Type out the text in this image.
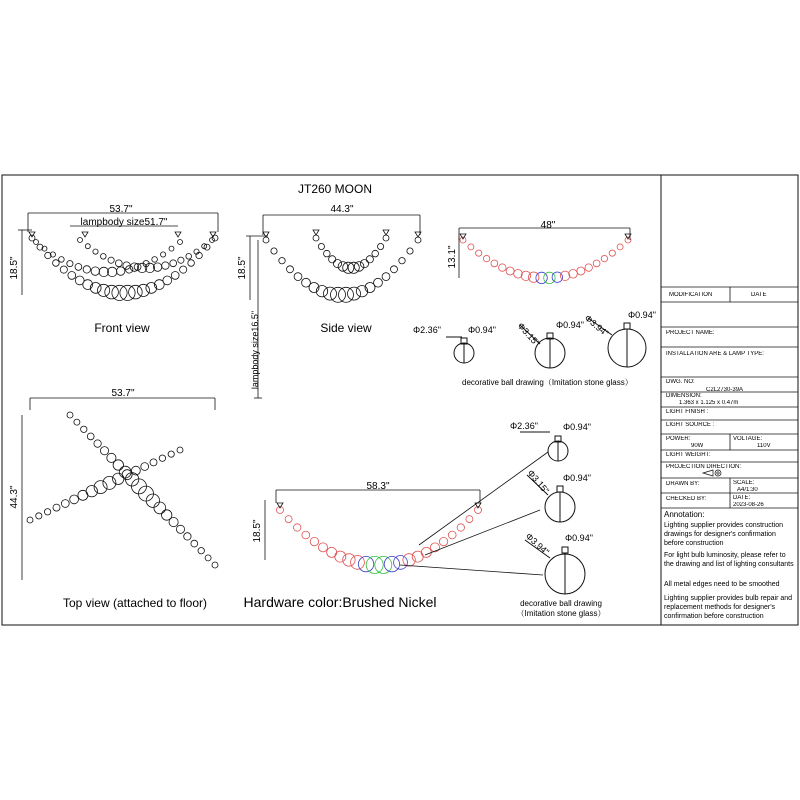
JT260 MOON
53.7"
lampbody size51.7"
18.5"
Front view
44.3"
18.5"
lampbody size16.5"	Side view
48"
13.1"
Φ2.36"	Φ0.94" Φ3.15" Φ0.94"
Φ3.94" Φ0.94"
decorative ball drawing（Imitation stone glass）
53.7"
44.3"
Top view (attached to floor)
58.3"
18.5"
Hardware color:Brushed Nickel
Φ2.36"	Φ0.94"
Φ3.15" Φ0.94"
Φ3.94" Φ0.94"
decorative ball drawing
（Imitation stone glass）
MODIFICATION	DATE
PROJECT NAME:
INSTALLATION ARE & LAMP TYPE:
DWG. NO:
C2L2730-39A
DIMENSION:
1.363 x 1.125 x 0.47m
LIGHT FINISH :
LIGHT SOURCE :
POWER:
90W
VOLTAGE:
110V
LIGHT WEIGHT:
PROJECTION DIRECTION:
DRAWN BY:	SCALE:
A4/1:30
CHECKED BY:	DATE:
2023-08-26
Annotation:
Lighting supplier provides construction drawings for designer's confirmation before construction
For light bulb luminosity, please refer to the drawing and list of lighting consultants
All metal edges need to be smoothed
Lighting supplier provides bulb repair and replacement methods for designer's confirmation before construction
